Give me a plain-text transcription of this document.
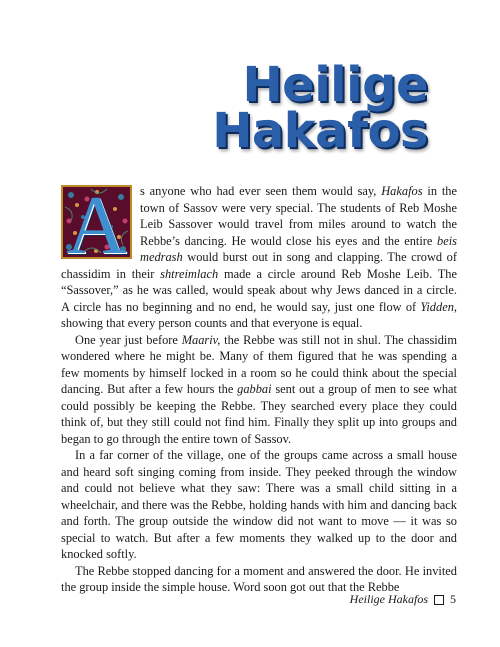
Heilige
Hakafos
A	s anyone who had ever seen them would say, Hakafos in the town of Sassov were very special. The students of Reb Moshe Leib Sassover would travel from miles around to watch the Rebbe’s dancing. He would close his eyes and the entire beis medrash would burst out in song and clapping. The crowd of chassidim in their shtreimlach made a circle around Reb Moshe Leib. The “Sassover,” as he was called, would speak about why Jews danced in a circle. A circle has no beginning and no end, he would say, just one flow of Yidden, showing that every person counts and that everyone is equal.

One year just before Maariv, the Rebbe was still not in shul. The chassidim wondered where he might be. Many of them figured that he was spending a few moments by himself locked in a room so he could think about the special dancing. But after a few hours the gabbai sent out a group of men to see what could possibly be keeping the Rebbe. They searched every place they could think of, but they still could not find him. Finally they split up into groups and began to go through the entire town of Sassov.

In a far corner of the village, one of the groups came across a small house and heard soft singing coming from inside. They peeked through the window and could not believe what they saw: There was a small child sitting in a wheelchair, and there was the Rebbe, holding hands with him and dancing back and forth. The group outside the window did not want to move — it was so special to watch. But after a few moments they walked up to the door and knocked softly.

The Rebbe stopped dancing for a moment and answered the door. He invited the group inside the simple house. Word soon got out that the Rebbe

Heilige Hakafos 5
